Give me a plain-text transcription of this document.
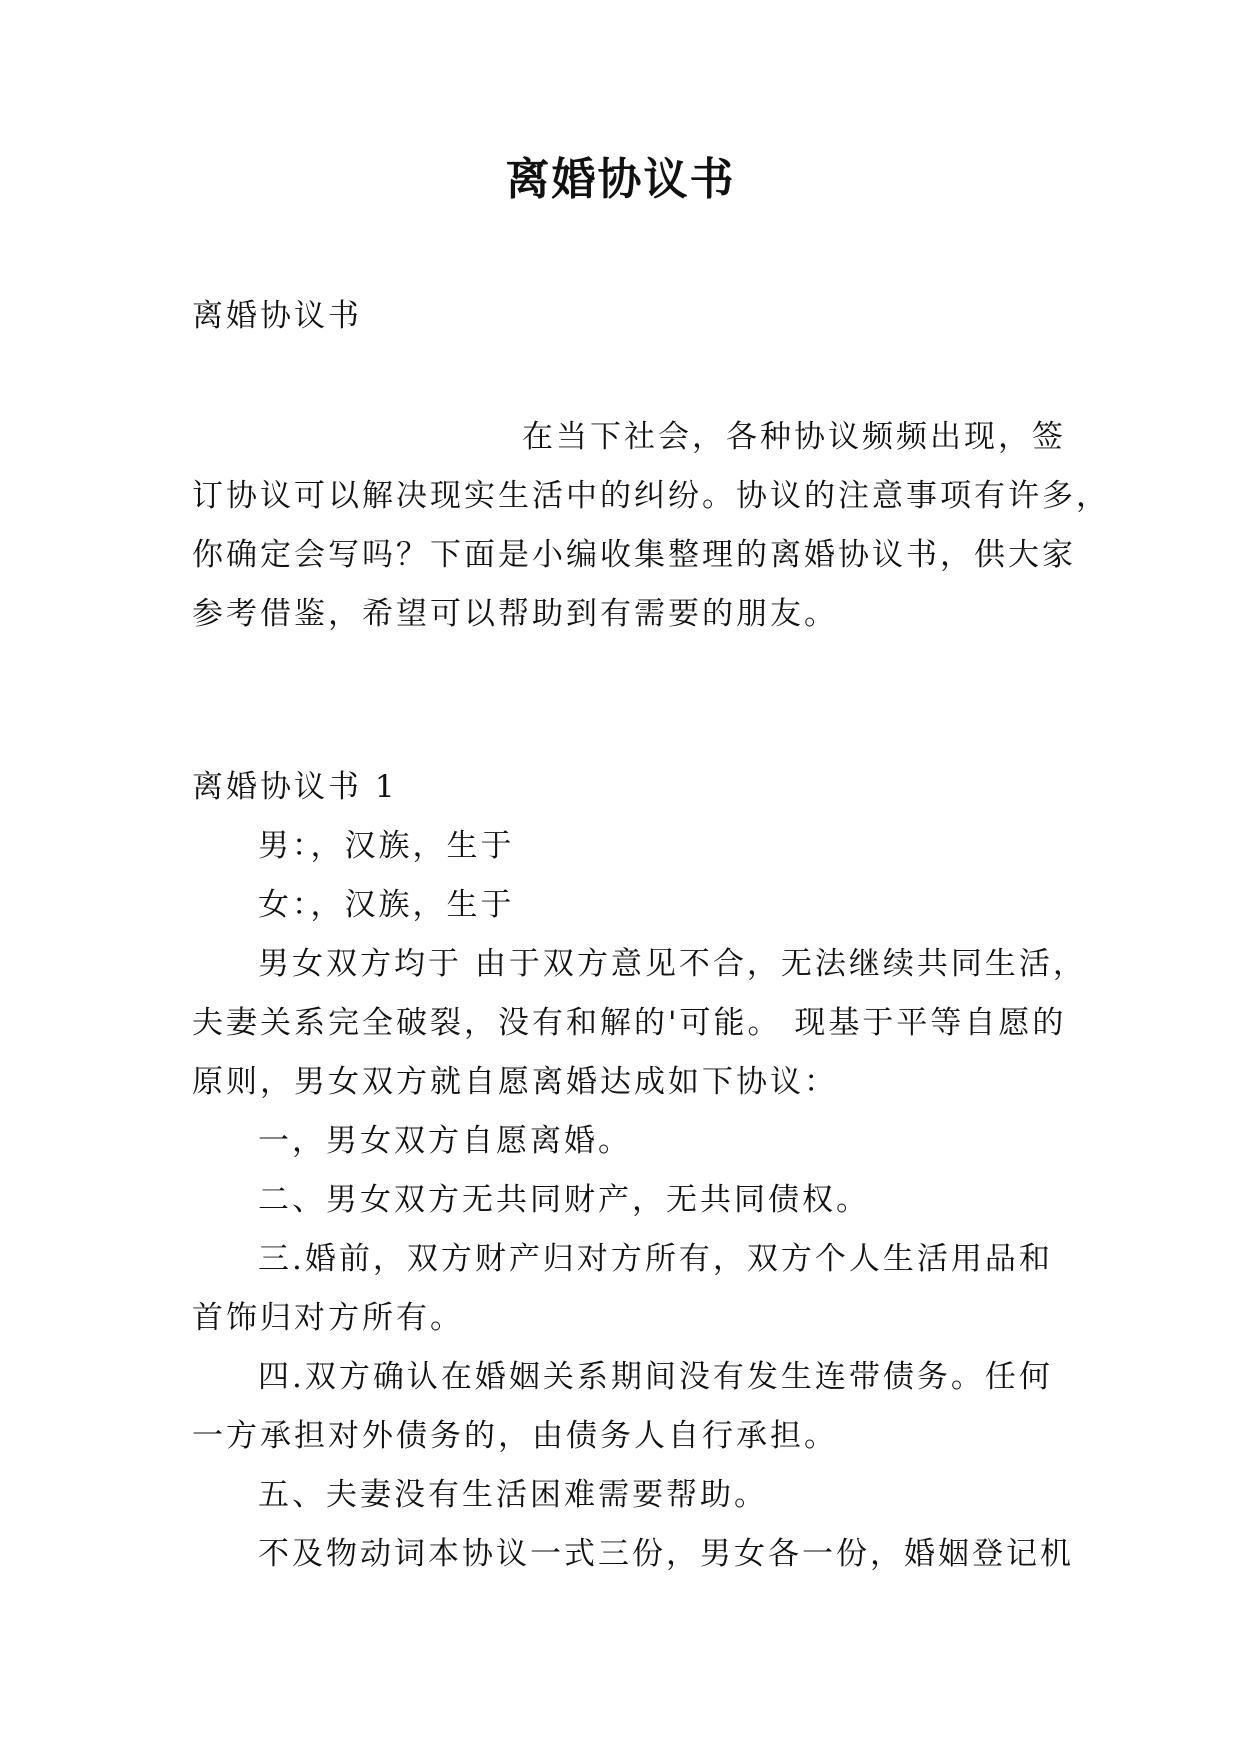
离婚协议书

离婚协议书

在当下社会，各种协议频频出现，签

订协议可以解决现实生活中的纠纷。协议的注意事项有许多，

你确定会写吗？下面是小编收集整理的离婚协议书，供大家

参考借鉴，希望可以帮助到有需要的朋友。

离婚协议书 1

男：，汉族，生于

女：，汉族，生于

男女双方均于 由于双方意见不合，无法继续共同生活，

夫妻关系完全破裂，没有和解的'可能。 现基于平等自愿的

原则，男女双方就自愿离婚达成如下协议：

一，男女双方自愿离婚。

二、男女双方无共同财产，无共同债权。

三.婚前，双方财产归对方所有，双方个人生活用品和

首饰归对方所有。

四.双方确认在婚姻关系期间没有发生连带债务。任何

一方承担对外债务的，由债务人自行承担。

五、夫妻没有生活困难需要帮助。

不及物动词本协议一式三份，男女各一份，婚姻登记机
